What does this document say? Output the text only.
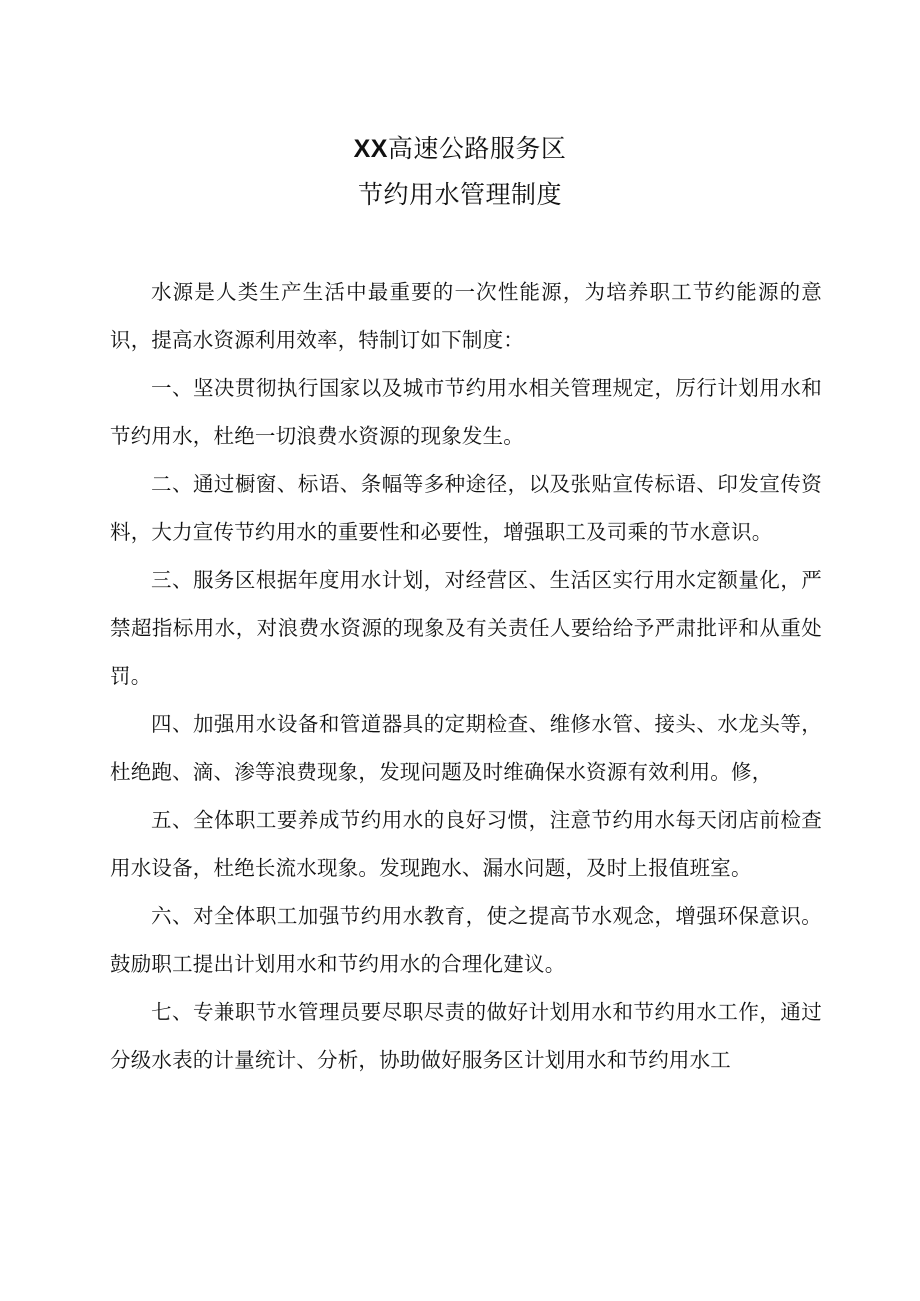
XX高速公路服务区
节约用水管理制度

水源是人类生产生活中最重要的一次性能源，为培养职工节约能源的意识，提高水资源利用效率，特制订如下制度：

一、坚决贯彻执行国家以及城市节约用水相关管理规定，厉行计划用水和节约用水，杜绝一切浪费水资源的现象发生。

二、通过橱窗、标语、条幅等多种途径，以及张贴宣传标语、印发宣传资料，大力宣传节约用水的重要性和必要性，增强职工及司乘的节水意识。

三、服务区根据年度用水计划，对经营区、生活区实行用水定额量化，严禁超指标用水，对浪费水资源的现象及有关责任人要给给予严肃批评和从重处罚。

四、加强用水设备和管道器具的定期检查、维修水管、接头、水龙头等，杜绝跑、滴、渗等浪费现象，发现问题及时维确保水资源有效利用。修，

五、全体职工要养成节约用水的良好习惯，注意节约用水每天闭店前检查用水设备，杜绝长流水现象。发现跑水、漏水问题，及时上报值班室。

六、对全体职工加强节约用水教育，使之提高节水观念，增强环保意识。鼓励职工提出计划用水和节约用水的合理化建议。

七、专兼职节水管理员要尽职尽责的做好计划用水和节约用水工作，通过分级水表的计量统计、分析，协助做好服务区计划用水和节约用水工
